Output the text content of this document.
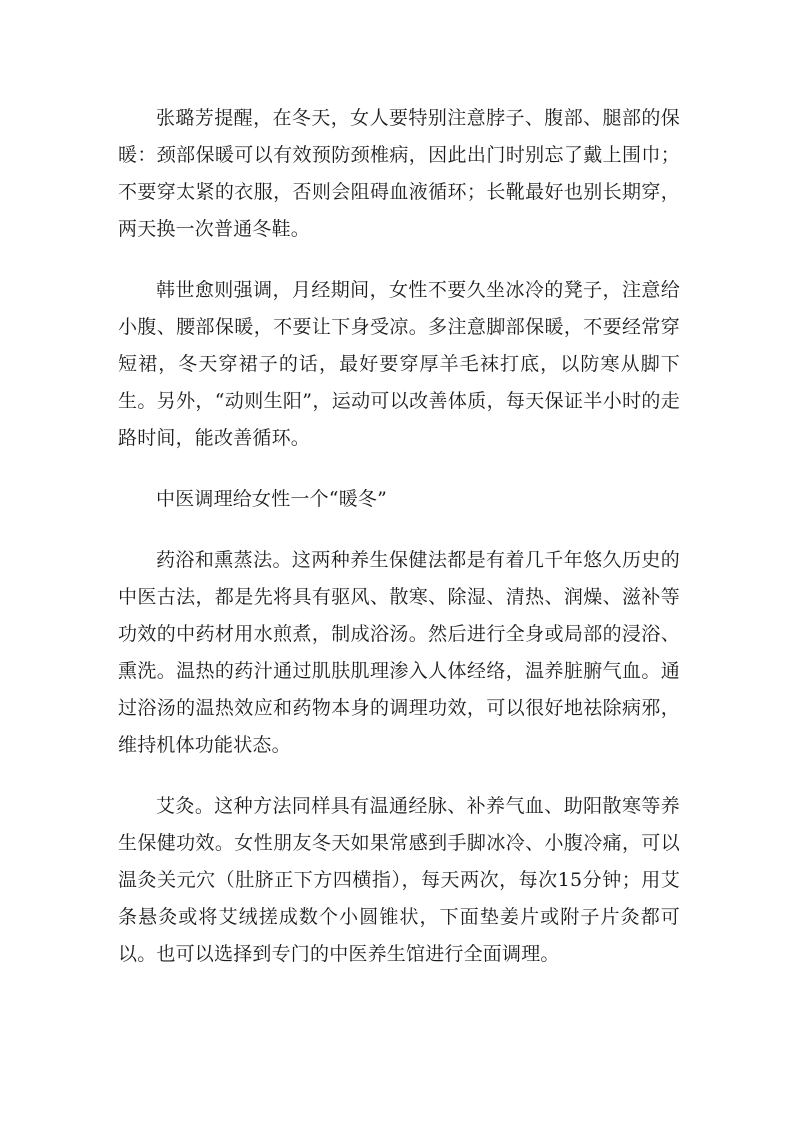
张璐芳提醒，在冬天，女人要特别注意脖子、腹部、腿部的保暖：颈部保暖可以有效预防颈椎病，因此出门时别忘了戴上围巾；不要穿太紧的衣服，否则会阻碍血液循环；长靴最好也别长期穿，两天换一次普通冬鞋。

韩世愈则强调，月经期间，女性不要久坐冰冷的凳子，注意给小腹、腰部保暖，不要让下身受凉。多注意脚部保暖，不要经常穿短裙，冬天穿裙子的话，最好要穿厚羊毛袜打底，以防寒从脚下生。另外，“动则生阳”，运动可以改善体质，每天保证半小时的走路时间，能改善循环。

中医调理给女性一个“暖冬”

药浴和熏蒸法。这两种养生保健法都是有着几千年悠久历史的中医古法，都是先将具有驱风、散寒、除湿、清热、润燥、滋补等功效的中药材用水煎煮，制成浴汤。然后进行全身或局部的浸浴、熏洗。温热的药汁通过肌肤肌理渗入人体经络，温养脏腑气血。通过浴汤的温热效应和药物本身的调理功效，可以很好地祛除病邪，维持机体功能状态。

艾灸。这种方法同样具有温通经脉、补养气血、助阳散寒等养生保健功效。女性朋友冬天如果常感到手脚冰冷、小腹冷痛，可以温灸关元穴（肚脐正下方四横指），每天两次，每次15分钟；用艾条悬灸或将艾绒搓成数个小圆锥状，下面垫姜片或附子片灸都可以。也可以选择到专门的中医养生馆进行全面调理。
